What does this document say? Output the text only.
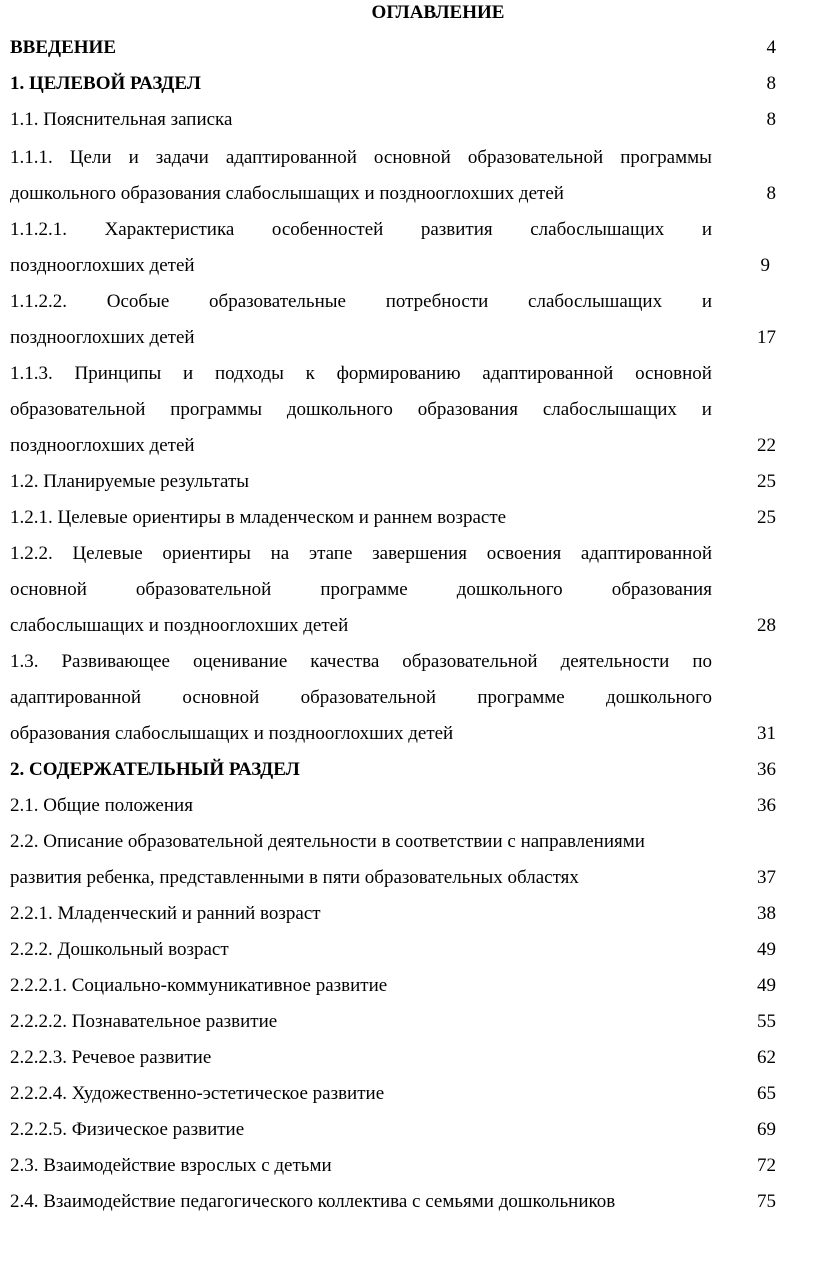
ОГЛАВЛЕНИЕ
ВВЕДЕНИЕ	4
1. ЦЕЛЕВОЙ РАЗДЕЛ	8
1.1. Пояснительная записка	8
1.1.1. Цели и задачи адаптированной основной образовательной программы
дошкольного образования слабослышащих и позднооглохших детей	8
1.1.2.1. Характеристика особенностей развития слабослышащих и
позднооглохших детей	9
1.1.2.2. Особые образовательные потребности слабослышащих и
позднооглохших детей	17
1.1.3. Принципы и подходы к формированию адаптированной основной
образовательной программы дошкольного образования слабослышащих и
позднооглохших детей	22
1.2. Планируемые результаты	25
1.2.1. Целевые ориентиры в младенческом и раннем возрасте	25
1.2.2. Целевые ориентиры на этапе завершения освоения адаптированной
основной	образовательной	программе	дошкольного	образования
слабослышащих и позднооглохших детей	28
1.3. Развивающее оценивание качества образовательной деятельности по
адаптированной основной образовательной программе дошкольного
образования слабослышащих и позднооглохших детей	31
2. СОДЕРЖАТЕЛЬНЫЙ РАЗДЕЛ	36
2.1. Общие положения	36
2.2. Описание образовательной деятельности в соответствии с направлениями
развития ребенка, представленными в пяти образовательных областях	37
2.2.1. Младенческий и ранний возраст	38
2.2.2. Дошкольный возраст	49
2.2.2.1. Социально-коммуникативное развитие	49
2.2.2.2. Познавательное развитие	55
2.2.2.3. Речевое развитие	62
2.2.2.4. Художественно-эстетическое развитие	65
2.2.2.5. Физическое развитие	69
2.3. Взаимодействие взрослых с детьми	72
2.4. Взаимодействие педагогического коллектива с семьями дошкольников	75
